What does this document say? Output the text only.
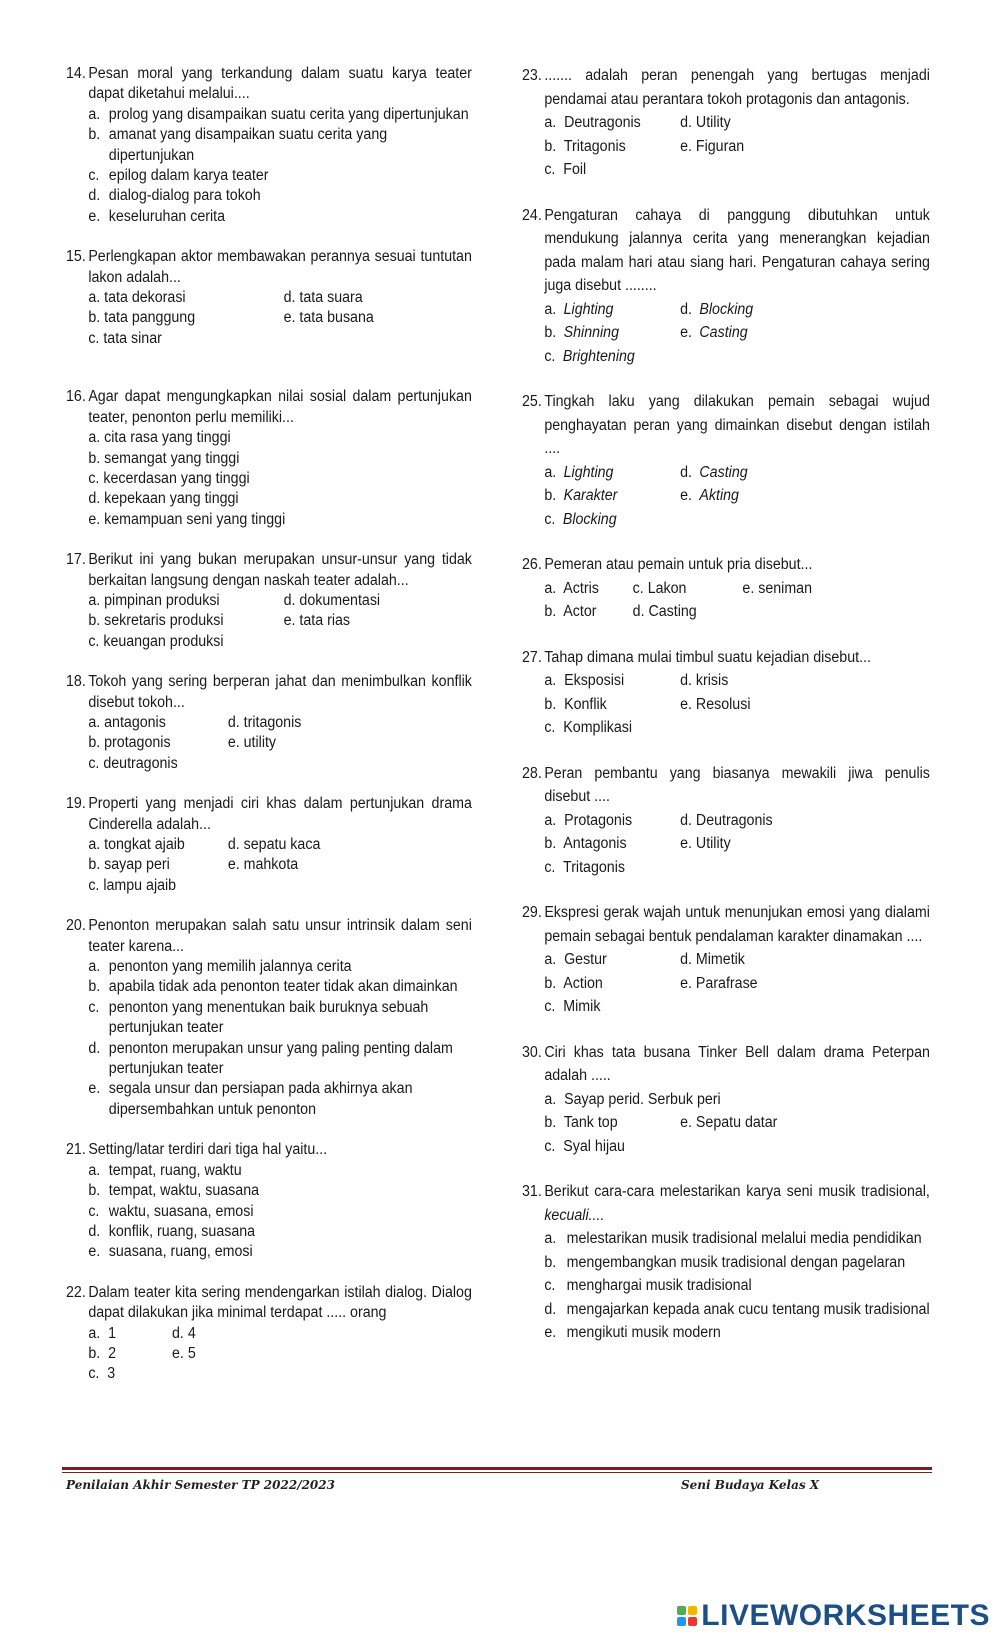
14. Pesan moral yang terkandung dalam suatu karya teater dapat diketahui melalui....
a. prolog yang disampaikan suatu cerita yang dipertunjukan
b. amanat yang disampaikan suatu cerita yang dipertunjukan
c. epilog dalam karya teater
d. dialog-dialog para tokoh
e. keseluruhan cerita
15. Perlengkapan aktor membawakan perannya sesuai tuntutan lakon adalah...
a. tata dekorasi	d. tata suara
b. tata panggung	e. tata busana
c. tata sinar
16. Agar dapat mengungkapkan nilai sosial dalam pertunjukan teater, penonton perlu memiliki...
a. cita rasa yang tinggi
b. semangat yang tinggi
c. kecerdasan yang tinggi
d. kepekaan yang tinggi
e. kemampuan seni yang tinggi
17. Berikut ini yang bukan merupakan unsur-unsur yang tidak berkaitan langsung dengan naskah teater adalah...
a. pimpinan produksi	d. dokumentasi
b. sekretaris produksi	e. tata rias
c. keuangan produksi
18. Tokoh yang sering berperan jahat dan menimbulkan konflik disebut tokoh...
a. antagonis	d. tritagonis
b. protagonis	e. utility
c. deutragonis
19. Properti yang menjadi ciri khas dalam pertunjukan drama Cinderella adalah...
a. tongkat ajaib	d. sepatu kaca
b. sayap peri	e. mahkota
c. lampu ajaib
20. Penonton merupakan salah satu unsur intrinsik dalam seni teater karena...
a. penonton yang memilih jalannya cerita
b. apabila tidak ada penonton teater tidak akan dimainkan
c. penonton yang menentukan baik buruknya sebuah pertunjukan teater
d. penonton merupakan unsur yang paling penting dalam pertunjukan teater
e. segala unsur dan persiapan pada akhirnya akan dipersembahkan untuk penonton
21. Setting/latar terdiri dari tiga hal yaitu...
a. tempat, ruang, waktu
b. tempat, waktu, suasana
c. waktu, suasana, emosi
d. konflik, ruang, suasana
e. suasana, ruang, emosi
22. Dalam teater kita sering mendengarkan istilah dialog. Dialog dapat dilakukan jika minimal terdapat ..... orang
a.  1	d. 4
b.  2	e. 5
c.  3
23. ....... adalah peran penengah yang bertugas menjadi pendamai atau perantara tokoh protagonis dan antagonis.
a.  Deutragonis	d. Utility
b.  Tritagonis	e. Figuran
c.  Foil
24. Pengaturan cahaya di panggung dibutuhkan untuk mendukung jalannya cerita yang menerangkan kejadian pada malam hari atau siang hari. Pengaturan cahaya sering juga disebut ........
a. Lighting	d. Blocking
b. Shinning	e. Casting
c. Brightening
25. Tingkah laku yang dilakukan pemain sebagai wujud penghayatan peran yang dimainkan disebut dengan istilah ....
a. Lighting	d. Casting
b. Karakter	e. Akting
c. Blocking
26. Pemeran atau pemain untuk pria disebut...
a.  Actris	c. Lakon	e. seniman
b.  Actor	d. Casting
27. Tahap dimana mulai timbul suatu kejadian disebut...
a.  Eksposisi	d. krisis
b.  Konflik	e. Resolusi
c.  Komplikasi
28. Peran pembantu yang biasanya mewakili jiwa penulis disebut ....
a.  Protagonis	d. Deutragonis
b.  Antagonis	e. Utility
c.  Tritagonis
29. Ekspresi gerak wajah untuk menunjukan emosi yang dialami pemain sebagai bentuk pendalaman karakter dinamakan ....
a.  Gestur	d. Mimetik
b.  Action	e. Parafrase
c.  Mimik
30. Ciri khas tata busana Tinker Bell dalam drama Peterpan adalah .....
a.  Sayap perid. Serbuk peri
b.  Tank top	e. Sepatu datar
c.  Syal hijau
31. Berikut cara-cara melestarikan karya seni musik tradisional, kecuali....
a. melestarikan musik tradisional melalui media pendidikan
b. mengembangkan musik tradisional dengan pagelaran
c. menghargai musik tradisional
d. mengajarkan kepada anak cucu tentang musik tradisional
e. mengikuti musik modern
Penilaian Akhir Semester TP 2022/2023	Seni Budaya Kelas X
LIVEWORKSHEETS
